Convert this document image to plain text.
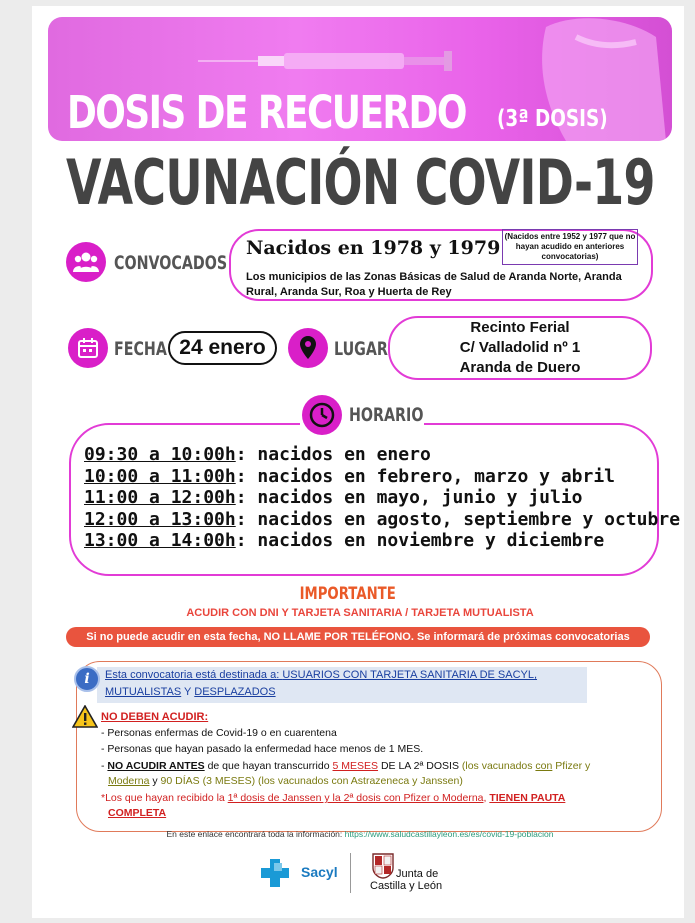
DOSIS DE RECUERDO (3ª DOSIS)
VACUNACIÓN COVID-19
CONVOCADOS
Nacidos en 1978 y 1979
(Nacidos entre 1952 y 1977 que no hayan acudido en anteriores convocatorias)
Los municipios de las Zonas Básicas de Salud de Aranda Norte, Aranda Rural, Aranda Sur, Roa y Huerta de Rey
FECHA 24 enero	LUGAR
Recinto Ferial
C/ Valladolid nº 1
Aranda de Duero
HORARIO
09:30 a 10:00h: nacidos en enero
10:00 a 11:00h: nacidos en febrero, marzo y abril
11:00 a 12:00h: nacidos en mayo, junio y julio
12:00 a 13:00h: nacidos en agosto, septiembre y octubre
13:00 a 14:00h: nacidos en noviembre y diciembre
IMPORTANTE
ACUDIR CON DNI Y TARJETA SANITARIA / TARJETA MUTUALISTA
Si no puede acudir en esta fecha, NO LLAME POR TELÉFONO. Se informará de próximas convocatorias
Esta convocatoria está destinada a: USUARIOS CON TARJETA SANITARIA DE SACYL,
MUTUALISTAS Y DESPLAZADOS
i
NO DEBEN ACUDIR:
- Personas enfermas de Covid-19 o en cuarentena
- Personas que hayan pasado la enfermedad hace menos de 1 MES.
- NO ACUDIR ANTES de que hayan transcurrido 5 MESES DE LA 2ª DOSIS (los vacunados con Pfizer y
Moderna y 90 DÍAS (3 MESES) (los vacunados con Astrazeneca y Janssen)
*Los que hayan recibido la 1ª dosis de Janssen y la 2ª dosis con Pfizer o Moderna, TIENEN PAUTA
COMPLETA
En este enlace encontrará toda la información: https://www.saludcastillayleon.es/es/covid-19-poblacion
Sacyl	Junta de
Castilla y León
